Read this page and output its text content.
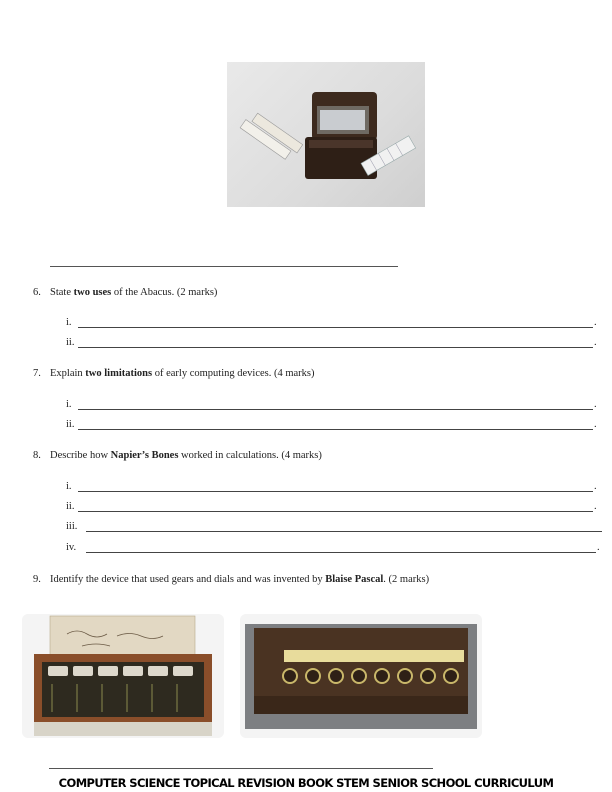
6. State two uses of the Abacus. (2 marks)
i.	.
ii.	.
7. Explain two limitations of early computing devices. (4 marks)
i.	.
ii.	.
8. Describe how Napier’s Bones worked in calculations. (4 marks)
i.	.
ii.	.
iii.
iv.	.
9. Identify the device that used gears and dials and was invented by Blaise Pascal. (2 marks)
COMPUTER SCIENCE TOPICAL REVISION BOOK STEM SENIOR SCHOOL CURRICULUM
